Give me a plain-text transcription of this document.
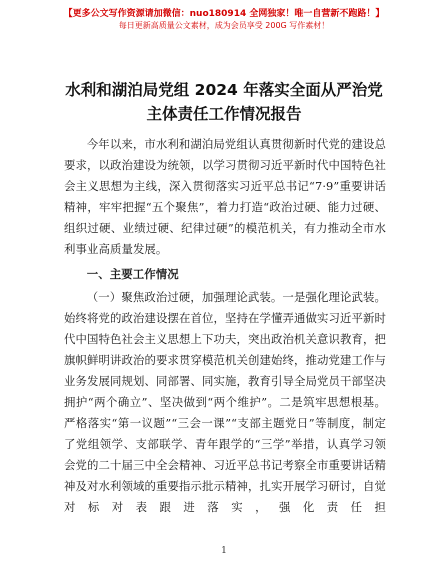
【更多公文写作资源请加微信：nuo180914 全网独家！唯一自营新不跑路！】
每日更新高质量公文素材，成为会员享受 200G 写作素材！
水利和湖泊局党组 2024 年落实全面从严治党主体责任工作情况报告

今年以来，市水利和湖泊局党组认真贯彻新时代党的建设总要求，以政治建设为统领，以学习贯彻习近平新时代中国特色社会主义思想为主线，深入贯彻落实习近平总书记“7·9”重要讲话精神，牢牢把握“五个聚焦”，着力打造“政治过硬、能力过硬、组织过硬、业绩过硬、纪律过硬”的模范机关，有力推动全市水利事业高质量发展。

一、主要工作情况

（一）聚焦政治过硬，加强理论武装。一是强化理论武装。始终将党的政治建设摆在首位，坚持在学懂弄通做实习近平新时代中国特色社会主义思想上下功夫，突出政治机关意识教育，把旗帜鲜明讲政治的要求贯穿模范机关创建始终，推动党建工作与业务发展同规划、同部署、同实施，教育引导全局党员干部坚决拥护“两个确立”、坚决做到“两个维护”。二是筑牢思想根基。严格落实“第一议题”“三会一课”“支部主题党日”等制度，制定了党组领学、支部联学、青年跟学的“三学”举措，认真学习领会党的二十届三中全会精神、习近平总书记考察全市重要讲话精神及对水利领域的重要指示批示精神，扎实开展学习研讨，自觉对标对表跟进落实，强化责任担

1
